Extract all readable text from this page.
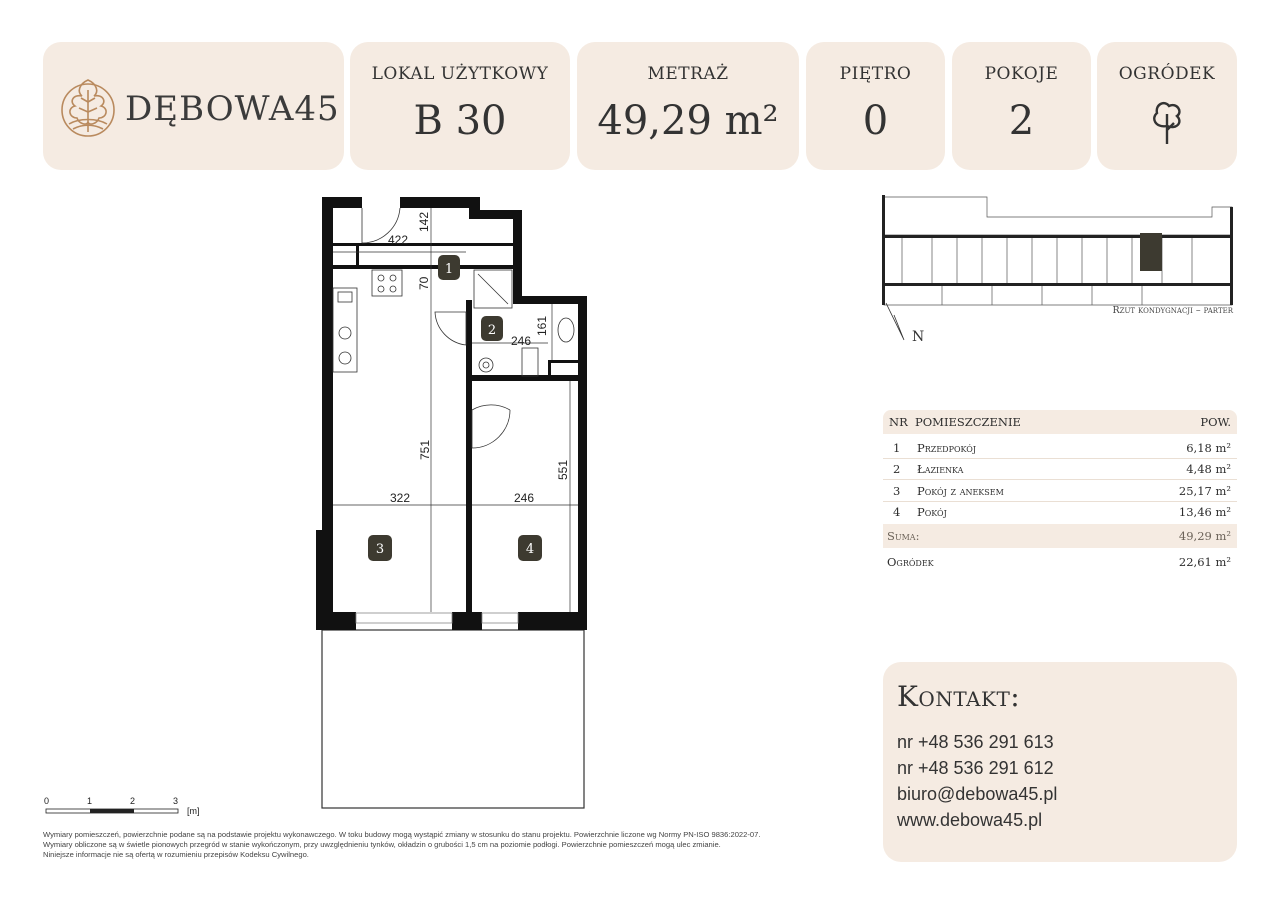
DĘBOWA45
LOKAL UŻYTKOWY
B 30
METRAŻ
49,29 m²
PIĘTRO
0
POKOJE
2
OGRÓDEK
422
142
70
161
246
751
551
322	246
1
2
3	4
0	1	2	3
[m]
N
Rzut kondygnacji – parter
NR POMIESZCZENIE	POW.
1 Przedpokój	6,18 m²
2 Łazienka	4,48 m²
3 Pokój z aneksem	25,17 m²
4 Pokój	13,46 m²
Suma:	49,29 m²
Ogródek	22,61 m²
Kontakt:
nr +48 536 291 613
nr +48 536 291 612
biuro@debowa45.pl
www.debowa45.pl
Wymiary pomieszczeń, powierzchnie podane są na podstawie projektu wykonawczego. W toku budowy mogą wystąpić zmiany w stosunku do stanu projektu. Powierzchnie liczone wg Normy PN-ISO 9836:2022-07.
Wymiary obliczone są w świetle pionowych przegród w stanie wykończonym, przy uwzględnieniu tynków, okładzin o grubości 1,5 cm na poziomie podłogi. Powierzchnie pomieszczeń mogą ulec zmianie.
Niniejsze informacje nie są ofertą w rozumieniu przepisów Kodeksu Cywilnego.
